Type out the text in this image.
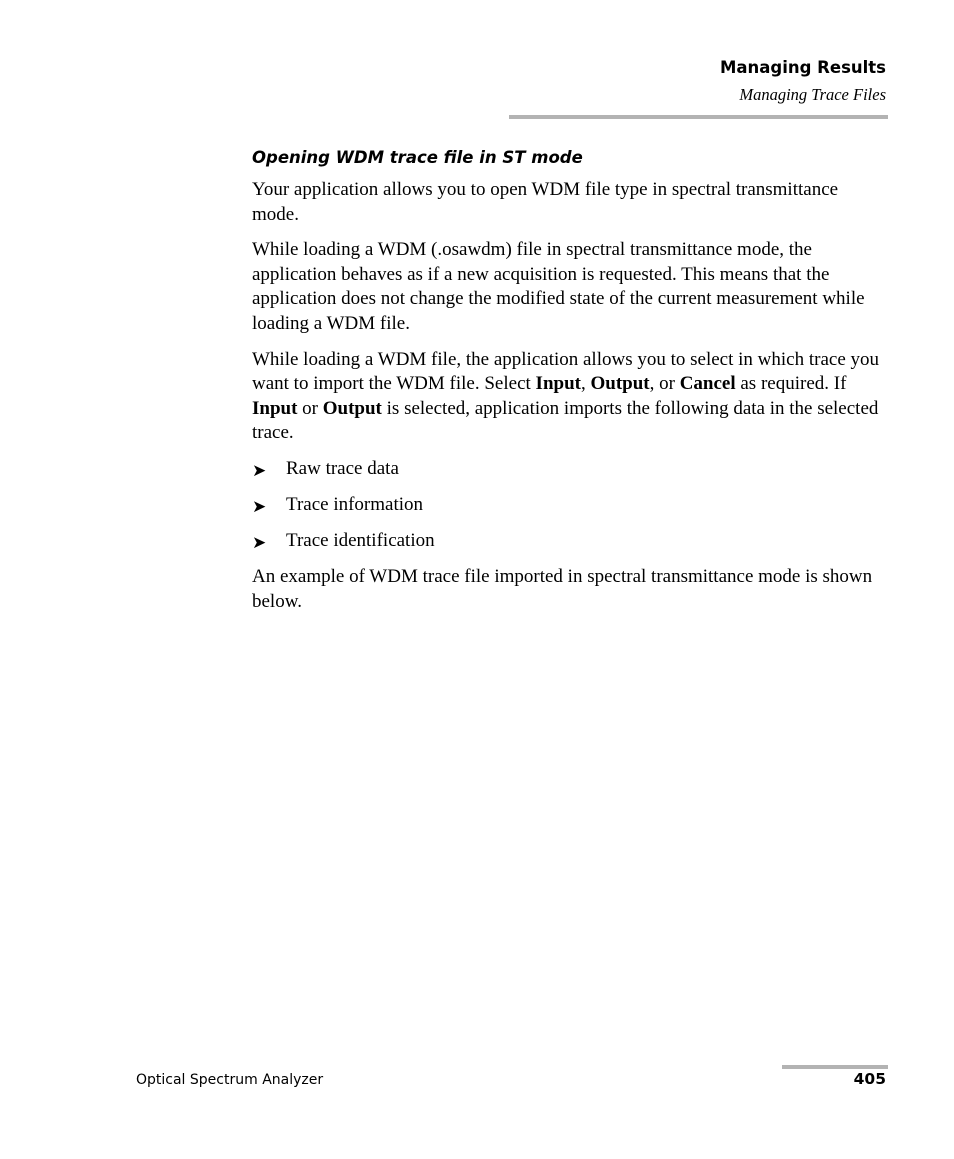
Managing Results
Managing Trace Files
Opening WDM trace file in ST mode

Your application allows you to open WDM file type in spectral transmittance mode.

While loading a WDM (.osawdm) file in spectral transmittance mode, the application behaves as if a new acquisition is requested. This means that the application does not change the modified state of the current measurement while loading a WDM file.

While loading a WDM file, the application allows you to select in which trace you want to import the WDM file. Select Input, Output, or Cancel as required. If Input or Output is selected, application imports the following data in the selected trace.

➤	Raw trace data
➤	Trace information
➤	Trace identification

An example of WDM trace file imported in spectral transmittance mode is shown below.

Optical Spectrum Analyzer	405
